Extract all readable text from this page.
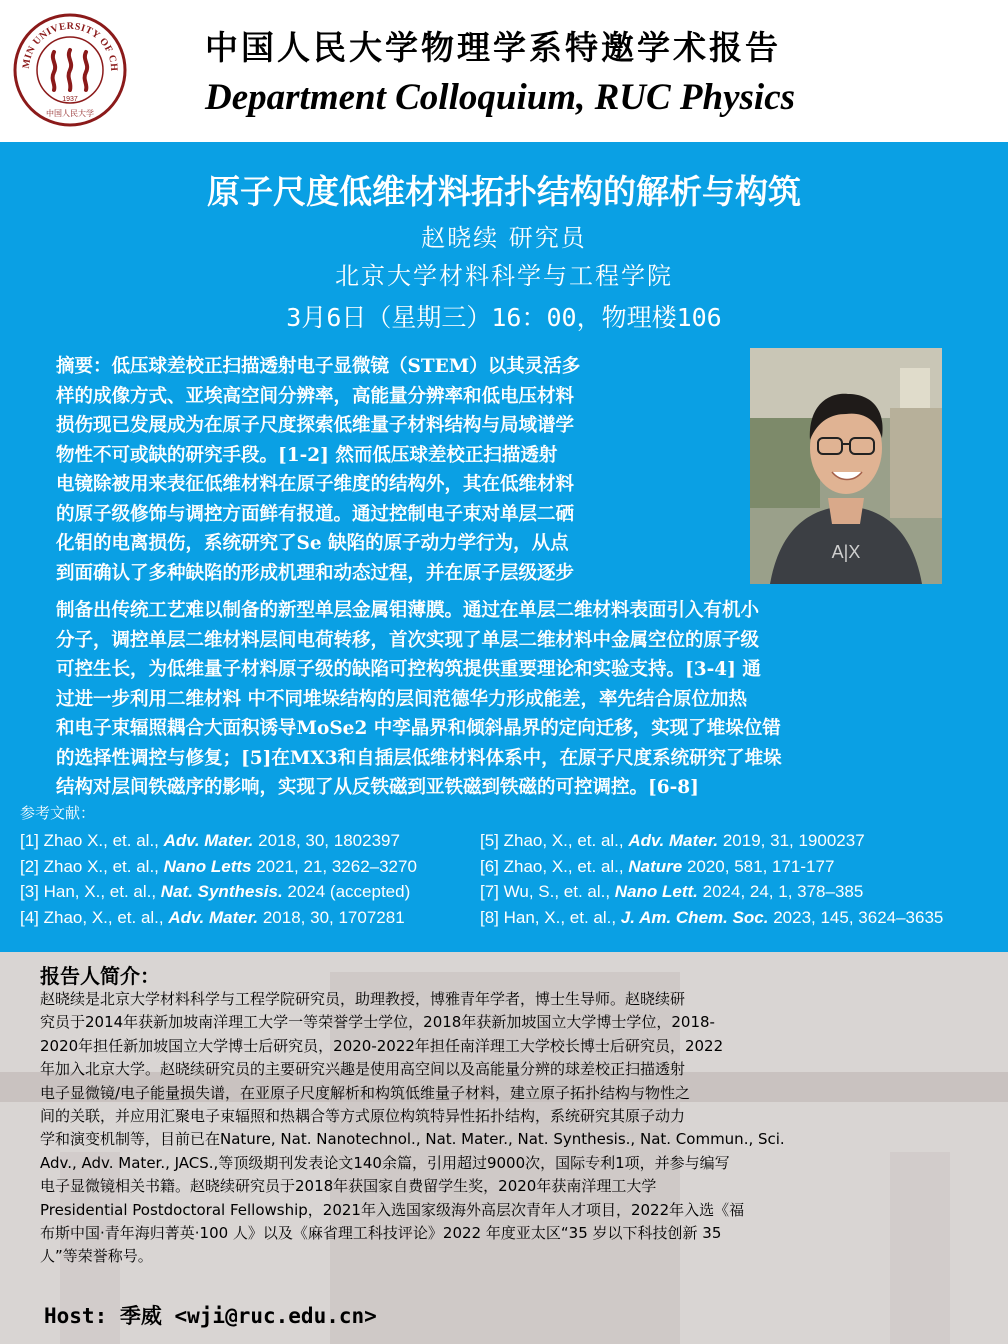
MIN UNIVERSITY OF CH
1937
中国人民大学
中国人民大学物理学系特邀学术报告
Department Colloquium, RUC Physics
原子尺度低维材料拓扑结构的解析与构筑
赵晓续 研究员
北京大学材料科学与工程学院
3月6日（星期三）16：00，物理楼106
摘要：低压球差校正扫描透射电子显微镜（STEM）以其灵活多
样的成像方式、亚埃高空间分辨率，高能量分辨率和低电压材料
损伤现已发展成为在原子尺度探索低维量子材料结构与局域谱学
物性不可或缺的研究手段。[1-2] 然而低压球差校正扫描透射
电镜除被用来表征低维材料在原子维度的结构外，其在低维材料
的原子级修饰与调控方面鲜有报道。通过控制电子束对单层二硒
化钼的电离损伤，系统研究了Se 缺陷的原子动力学行为，从点
到面确认了多种缺陷的形成机理和动态过程，并在原子层级逐步
制备出传统工艺难以制备的新型单层金属钼薄膜。通过在单层二维材料表面引入有机小
分子，调控单层二维材料层间电荷转移，首次实现了单层二维材料中金属空位的原子级
可控生长，为低维量子材料原子级的缺陷可控构筑提供重要理论和实验支持。[3-4] 通
过进一步利用二维材料 中不同堆垛结构的层间范德华力形成能差，率先结合原位加热
和电子束辐照耦合大面积诱导MoSe2 中孪晶界和倾斜晶界的定向迁移，实现了堆垛位错
的选择性调控与修复；[5]在MX3和自插层低维材料体系中，在原子尺度系统研究了堆垛
结构对层间铁磁序的影响，实现了从反铁磁到亚铁磁到铁磁的可控调控。[6-8]
A|X
参考文献：
[1] Zhao X., et. al., Adv. Mater. 2018, 30, 1802397
[2] Zhao X., et. al., Nano Letts 2021, 21, 3262–3270
[3] Han, X., et. al., Nat. Synthesis. 2024 (accepted)
[4] Zhao, X., et. al., Adv. Mater. 2018, 30, 1707281
[5] Zhao, X., et. al., Adv. Mater. 2019, 31, 1900237
[6] Zhao, X., et. al., Nature 2020, 581, 171-177
[7] Wu, S., et. al., Nano Lett. 2024, 24, 1, 378–385
[8] Han, X., et. al., J. Am. Chem. Soc. 2023, 145, 3624–3635
报告人简介：
赵晓续是北京大学材料科学与工程学院研究员，助理教授，博雅青年学者，博士生导师。赵晓续研
究员于2014年获新加坡南洋理工大学一等荣誉学士学位，2018年获新加坡国立大学博士学位，2018-
2020年担任新加坡国立大学博士后研究员，2020-2022年担任南洋理工大学校长博士后研究员，2022
年加入北京大学。赵晓续研究员的主要研究兴趣是使用高空间以及高能量分辨的球差校正扫描透射
电子显微镜/电子能量损失谱，在亚原子尺度解析和构筑低维量子材料，建立原子拓扑结构与物性之
间的关联，并应用汇聚电子束辐照和热耦合等方式原位构筑特异性拓扑结构，系统研究其原子动力
学和演变机制等，目前已在Nature, Nat. Nanotechnol., Nat. Mater., Nat. Synthesis., Nat. Commun., Sci.
Adv., Adv. Mater., JACS.,等顶级期刊发表论文140余篇，引用超过9000次，国际专利1项，并参与编写
电子显微镜相关书籍。赵晓续研究员于2018年获国家自费留学生奖，2020年获南洋理工大学
Presidential Postdoctoral Fellowship，2021年入选国家级海外高层次青年人才项目，2022年入选《福
布斯中国·青年海归菁英·100 人》以及《麻省理工科技评论》2022 年度亚太区“35 岁以下科技创新 35
人”等荣誉称号。
Host: 季威 <wji@ruc.edu.cn>
